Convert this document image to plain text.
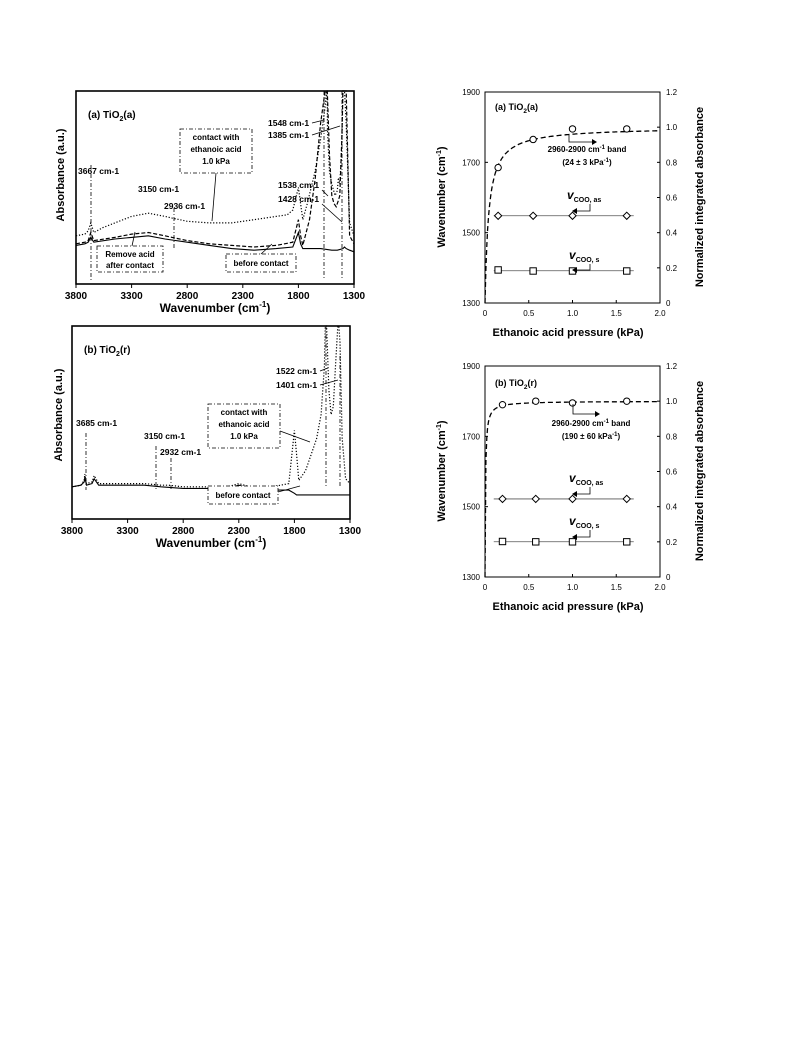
3800	3300	2800	2300	1800	1300
(a) TiO$_2$(a)
Wavenumber $(cm^{-1})$
Absorbance (a.u.) 3667 cm-1
3150 cm-1
2936 cm-1
1548 cm-1
1385 cm-1
1538 cm-1
1428 cm-1
contact with
ethanoic acid
1.0 kPa
Remove acid
after contact	before contact
3800	3300	2800	2300	1800	1300
(b) TiO$_2$(r)
Wavenumber $(cm^{-1})$
Absorbance (a.u.) 3685 cm-1
3150 cm-1
2932 cm-1
1522 cm-1
1401 cm-1
contact with
ethanoic acid
1.0 kPa
before contact
0	0.5	1.0	1.5	2.0
1300
1500
1700
1900
0
0.2
0.4
0.6
0.8
1.0
1.2
(a) TiO$_2$(a)
Ethanoic acid pressure (kPa)
Wavenumber $(cm^{-1})$	Normalized integrated absorbance
2960-2900 $cm^{-1}$ band
(24 ± 3 kPa$^{-1}$)
$v_{COO, as}$
$v_{COO, s}$
0	0.5	1.0	1.5	2.0
1300
1500
1700
1900
0
0.2
0.4
0.6
0.8
1.0
1.2
(b) TiO$_2$(r)
Ethanoic acid pressure (kPa)
Wavenumber $(cm^{-1})$	Normalized integrated absorbance
2960-2900 $cm^{-1}$ band
(190 ± 60 kPa$^{-1}$)
$v_{COO, as}$
$v_{COO, s}$
